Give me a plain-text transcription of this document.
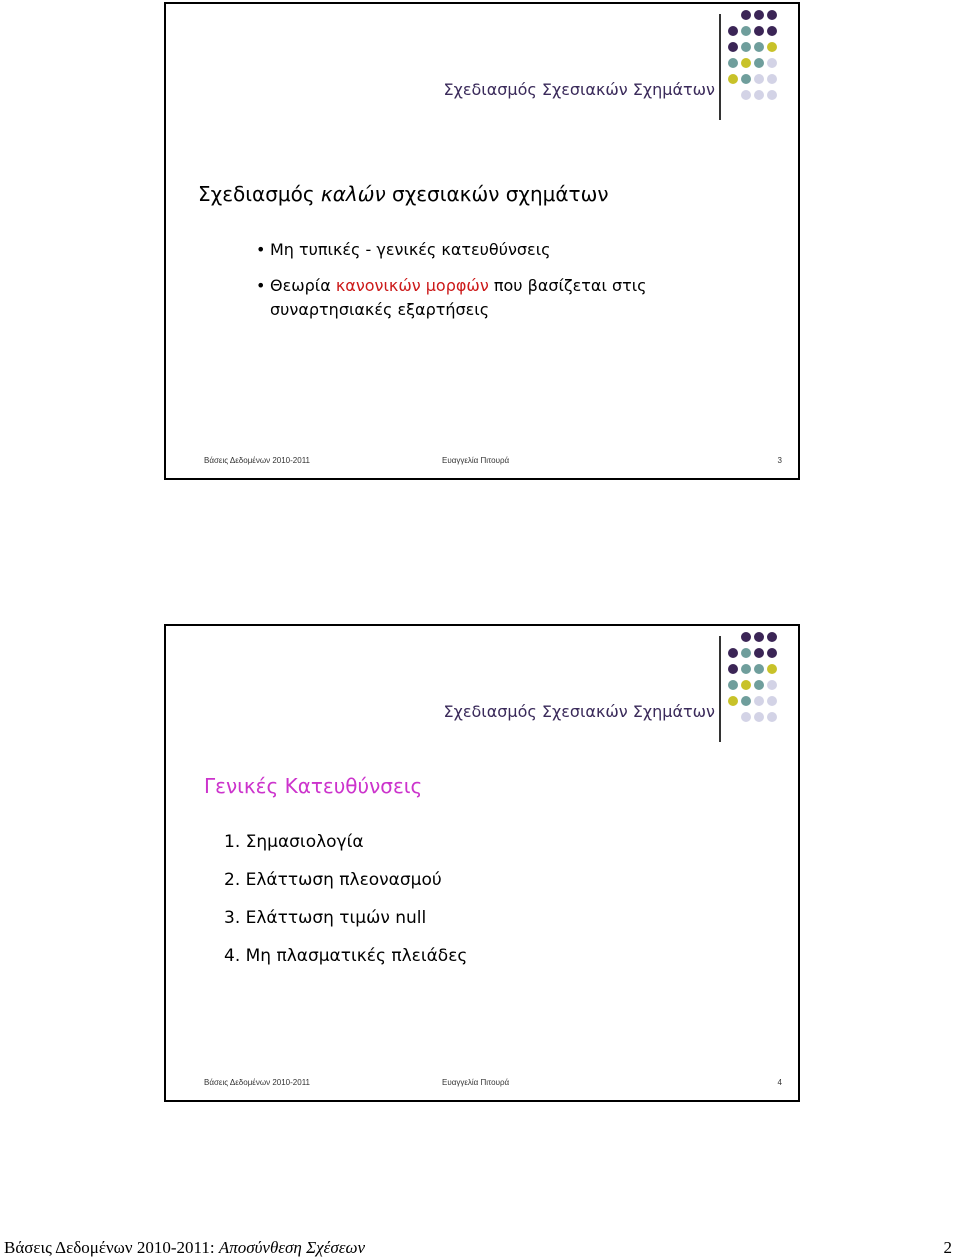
Σχεδιασμός Σχεσιακών Σχημάτων
Βάσεις Δεδομένων 2010-2011	Ευαγγελία Πιτουρά	3
Σχεδιασμός καλών σχεσιακών σχημάτων
• Μη τυπικές - γενικές κατευθύνσεις
• Θεωρία κανονικών μορφών που βασίζεται στις συναρτησιακές εξαρτήσεις
Σχεδιασμός Σχεσιακών Σχημάτων
Βάσεις Δεδομένων 2010-2011	Ευαγγελία Πιτουρά	4
Γενικές Κατευθύνσεις
1. Σημασιολογία
2. Ελάττωση πλεονασμού
3. Ελάττωση τιμών null
4. Μη πλασματικές πλειάδες
Βάσεις Δεδομένων 2010-2011: Αποσύνθεση Σχέσεων	2
